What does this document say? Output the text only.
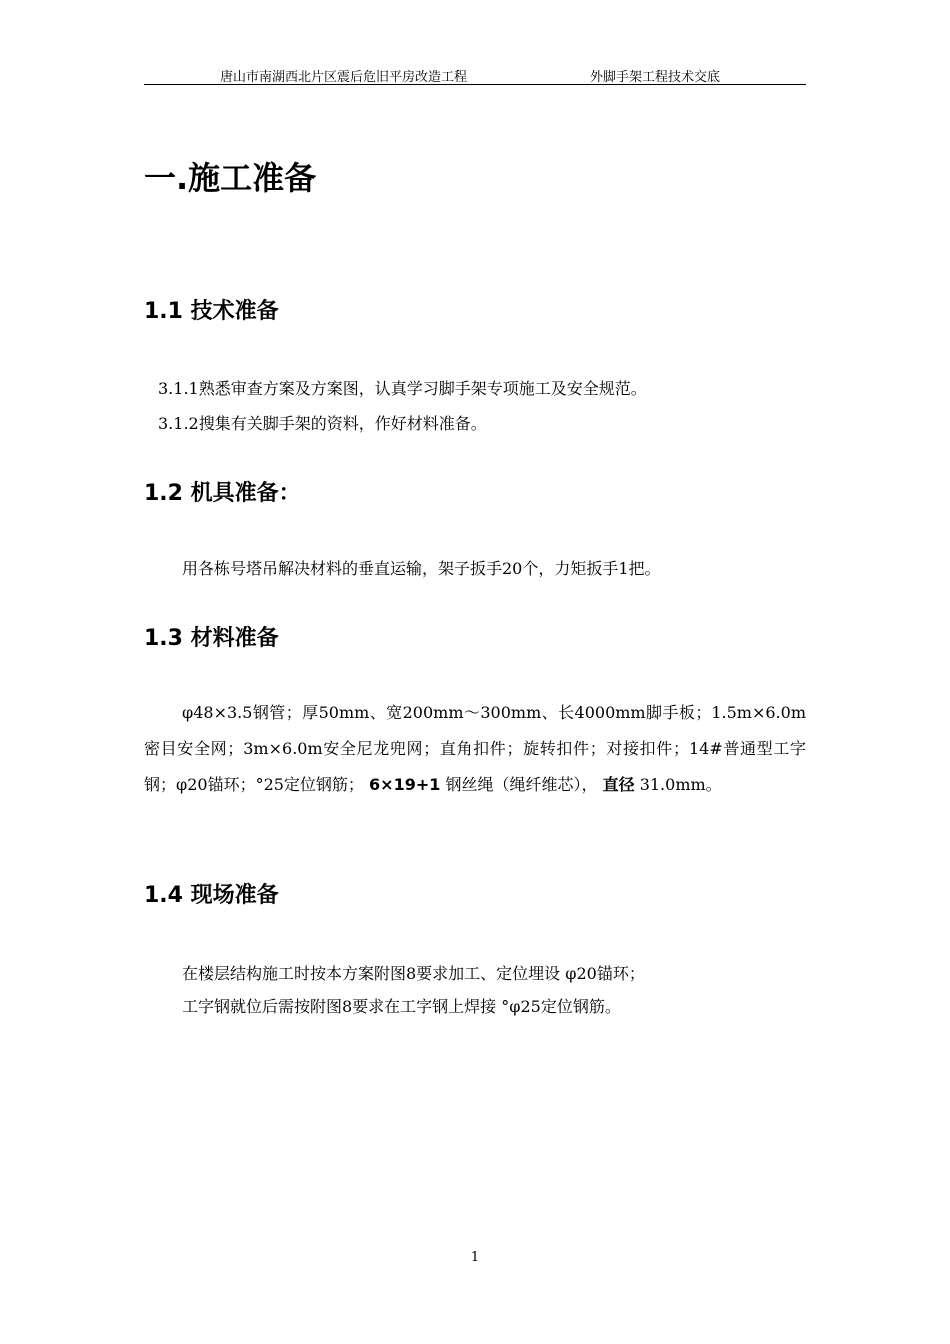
唐山市南湖西北片区震后危旧平房改造工程	外脚手架工程技术交底
一.施工准备
1.1 技术准备
3.1.1熟悉审查方案及方案图，认真学习脚手架专项施工及安全规范。
3.1.2搜集有关脚手架的资料，作好材料准备。
1.2 机具准备：
用各栋号塔吊解决材料的垂直运输，架子扳手20个，力矩扳手1把。
1.3 材料准备
φ48×3.5钢管；厚50mm、宽200mm～300mm、长4000mm脚手板；1.5m×6.0m密目安全网；3m×6.0m安全尼龙兜网；直角扣件；旋转扣件；对接扣件；14#普通型工字钢；φ20锚环；°25定位钢筋； 6×19+1 钢丝绳（绳纤维芯）， 直径 31.0mm。
1.4 现场准备
在楼层结构施工时按本方案附图8要求加工、定位埋设 φ20锚环；
工字钢就位后需按附图8要求在工字钢上焊接 °φ25定位钢筋。
1
